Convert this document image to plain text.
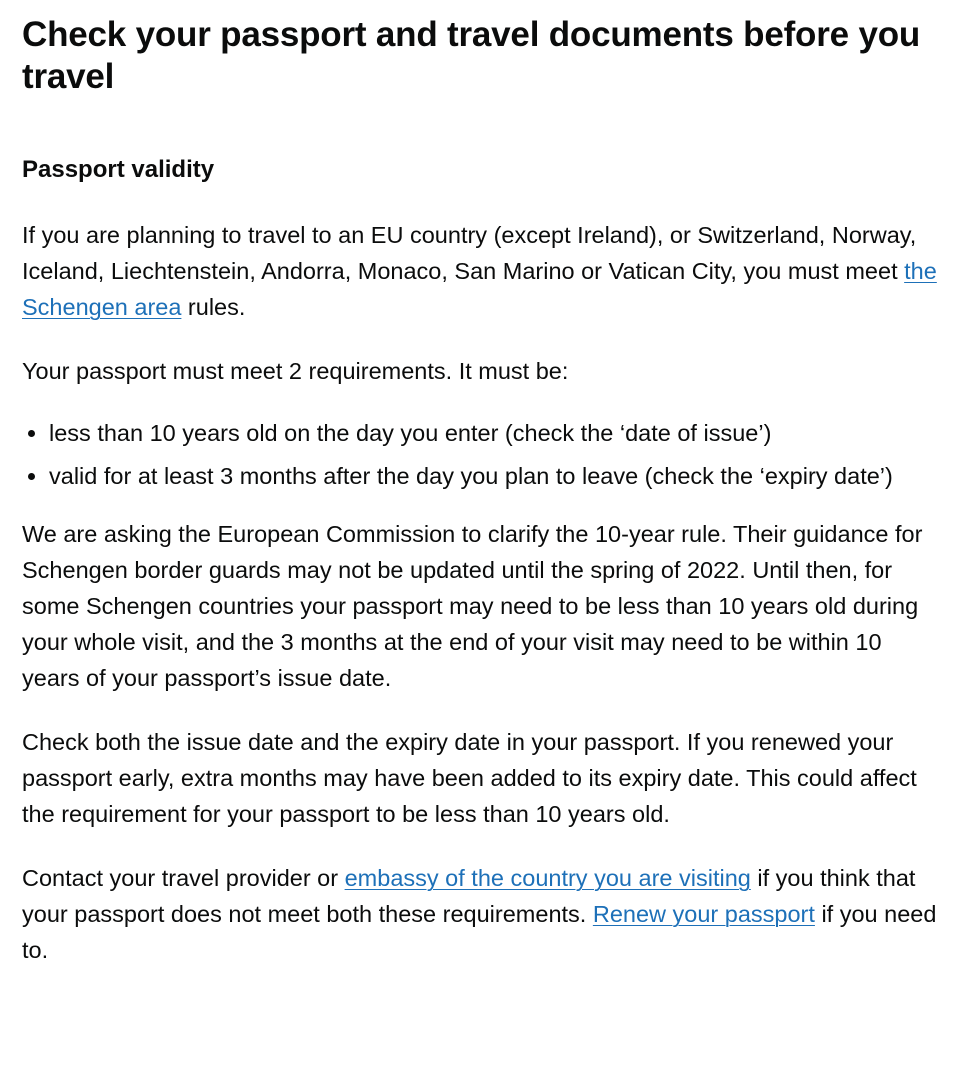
Check your passport and travel documents before you travel
Passport validity

If you are planning to travel to an EU country (except Ireland), or Switzerland, Norway, Iceland, Liechtenstein, Andorra, Monaco, San Marino or Vatican City, you must meet the Schengen area rules.

Your passport must meet 2 requirements. It must be:

• less than 10 years old on the day you enter (check the ‘date of issue’)
• valid for at least 3 months after the day you plan to leave (check the ‘expiry date’)

We are asking the European Commission to clarify the 10-year rule. Their guidance for Schengen border guards may not be updated until the spring of 2022. Until then, for some Schengen countries your passport may need to be less than 10 years old during your whole visit, and the 3 months at the end of your visit may need to be within 10 years of your passport’s issue date.

Check both the issue date and the expiry date in your passport. If you renewed your passport early, extra months may have been added to its expiry date. This could affect the requirement for your passport to be less than 10 years old.

Contact your travel provider or embassy of the country you are visiting if you think that your passport does not meet both these requirements. Renew your passport if you need to.
